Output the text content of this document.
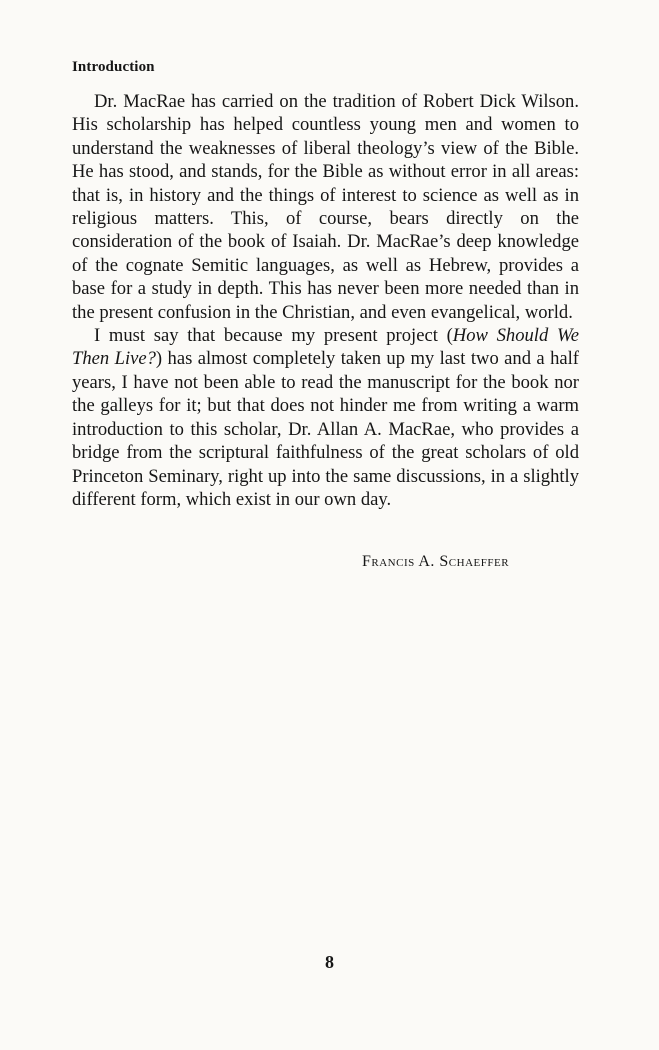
Introduction

Dr. MacRae has carried on the tradition of Robert Dick Wilson. His scholarship has helped countless young men and women to understand the weaknesses of liberal theology’s view of the Bible. He has stood, and stands, for the Bible as without error in all areas: that is, in history and the things of interest to science as well as in religious matters. This, of course, bears directly on the consideration of the book of Isaiah. Dr. MacRae’s deep knowledge of the cognate Semitic languages, as well as Hebrew, provides a base for a study in depth. This has never been more needed than in the present confusion in the Christian, and even evangelical, world.

I must say that because my present project (How Should We Then Live?) has almost completely taken up my last two and a half years, I have not been able to read the manuscript for the book nor the galleys for it; but that does not hinder me from writing a warm introduction to this scholar, Dr. Allan A. MacRae, who provides a bridge from the scriptural faithfulness of the great scholars of old Princeton Seminary, right up into the same discussions, in a slightly different form, which exist in our own day.

Francis A. Schaeffer
8
